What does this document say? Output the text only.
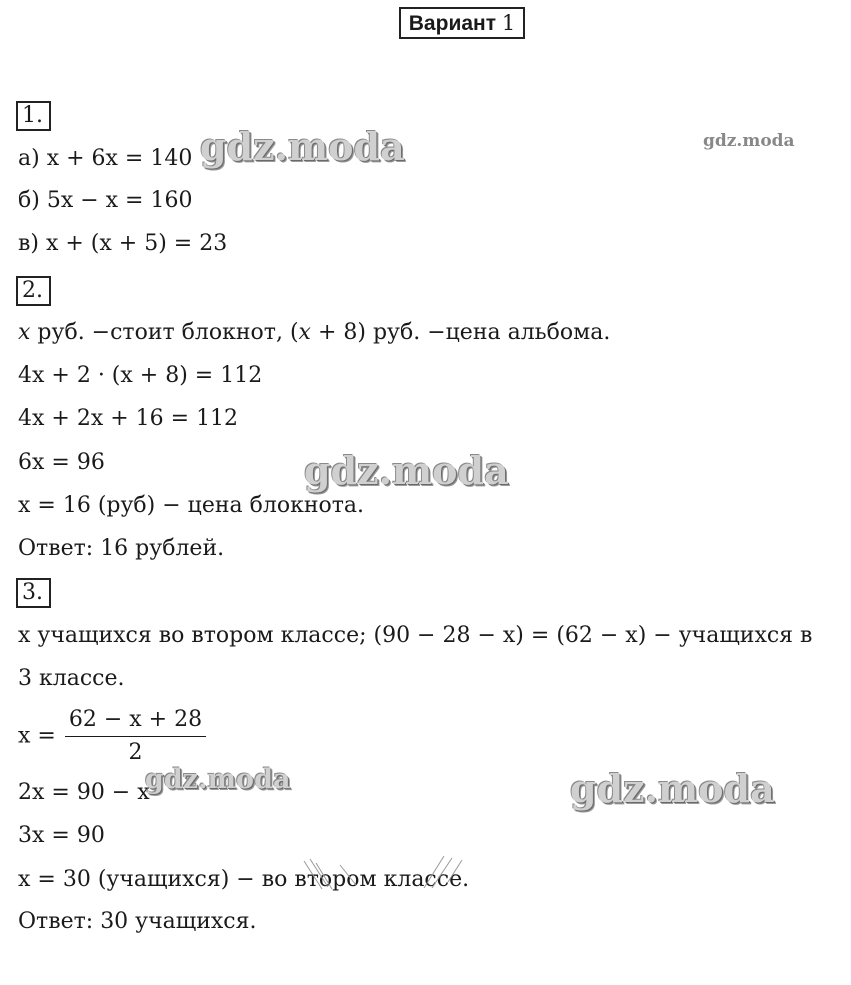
Вариант 1
1.
а) x + 6x = 140
б) 5x − x = 160
в) x + (x + 5) = 23
2.
x руб. −стоит блокнот, (x + 8) руб. −цена альбома.
4x + 2 · (x + 8) = 112
4x + 2x + 16 = 112
6x = 96
x = 16 (руб) − цена блокнота.
Ответ: 16 рублей.
3.
x учащихся во втором классе; (90 − 28 − x) = (62 − x) − учащихся в
3 классе.
$x = \frac{62 - x + 28}{2}$
2x = 90 − x
3x = 90
x = 30 (учащихся) − во втором классе.
Ответ: 30 учащихся.
gdz.moda	gdz.moda
gdz.moda
gdz.moda	gdz.moda
